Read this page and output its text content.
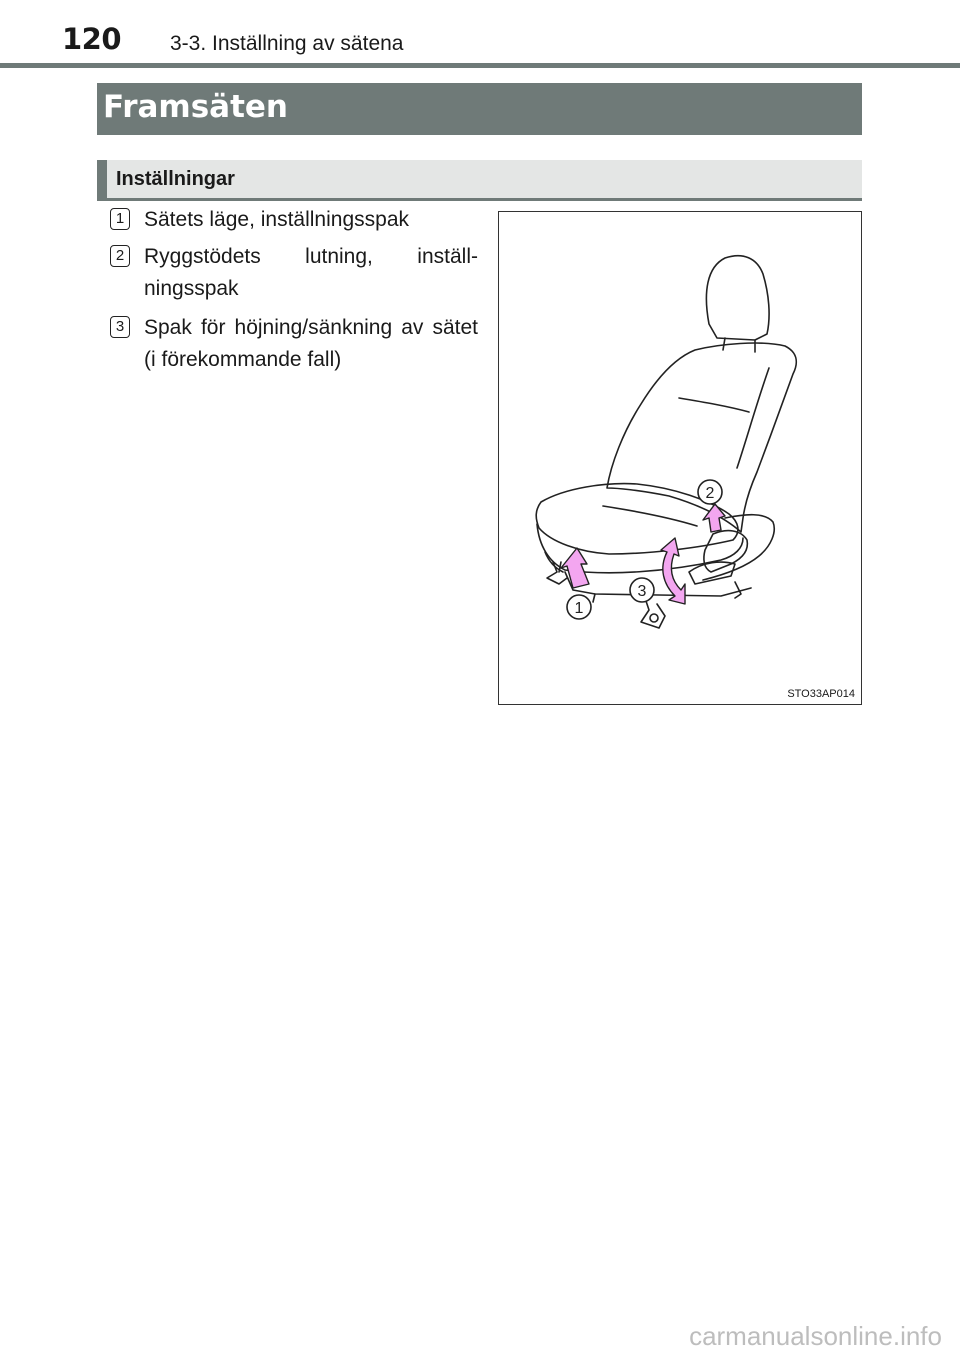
120 3-3. Inställning av sätena
Framsäten
Inställningar
1 Sätets läge, inställningsspak
2 Ryggstödets lutning, inställ-ningsspak
3 Spak för höjning/sänkning av sätet (i förekommande fall)
1
2
3
STO33AP014
carmanualsonline.info
